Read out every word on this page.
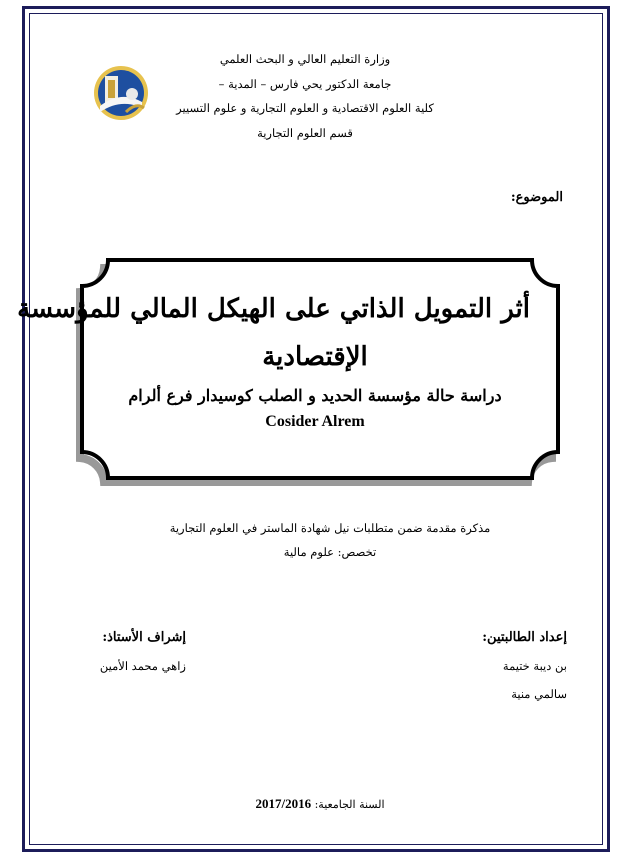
وزارة التعليم العالي و البحث العلمي
جامعة الدكتور يحي فارس – المدية –
كلية العلوم الاقتصادية و العلوم التجارية و علوم التسيير
قسم العلوم التجارية
الموضوع:
أثر التمويل الذاتي على الهيكل المالي للمؤسسة
الإقتصادية
دراسة حالة مؤسسة الحديد و الصلب كوسيدار فرع ألرام
Cosider Alrem
مذكرة مقدمة ضمن متطلبات نيل شهادة الماستر في العلوم التجارية
تخصص: علوم مالية
إعداد الطالبتين:
بن ديبة ختيمة
سالمي منية
إشراف الأستاذ:
زاهي محمد الأمين
السنة الجامعية: 2017/2016
